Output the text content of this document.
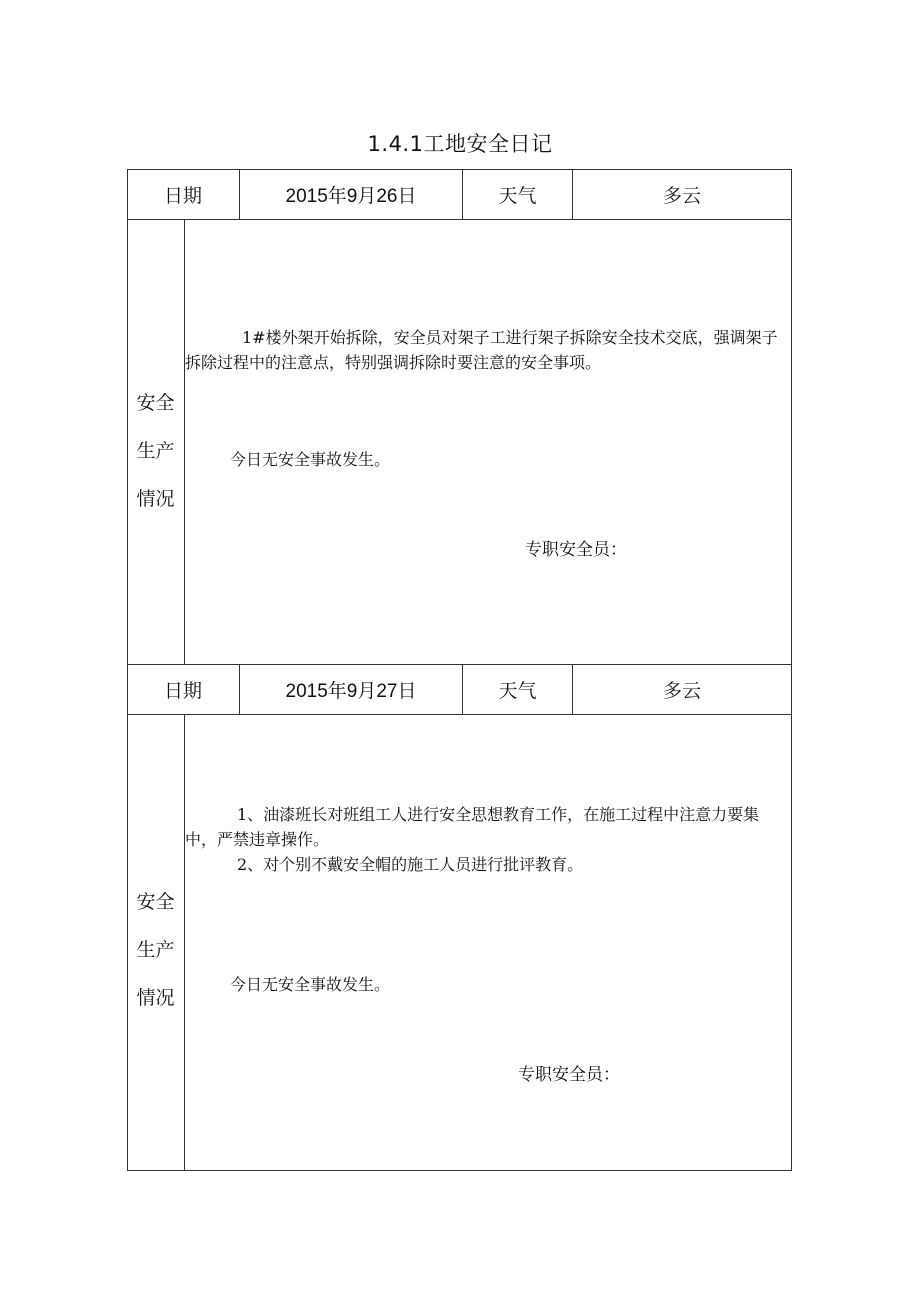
1.4.1工地安全日记
日期	2015年9月26日	天气	多云
安全
生产
情况

1#楼外架开始拆除，安全员对架子工进行架子拆除安全技术交底，强调架子拆除过程中的注意点，特别强调拆除时要注意的安全事项。

今日无安全事故发生。
专职安全员：
日期	2015年9月27日	天气	多云
安全
生产
情况

1、油漆班长对班组工人进行安全思想教育工作，在施工过程中注意力要集中，严禁违章操作。

2、对个别不戴安全帽的施工人员进行批评教育。

今日无安全事故发生。
专职安全员：
